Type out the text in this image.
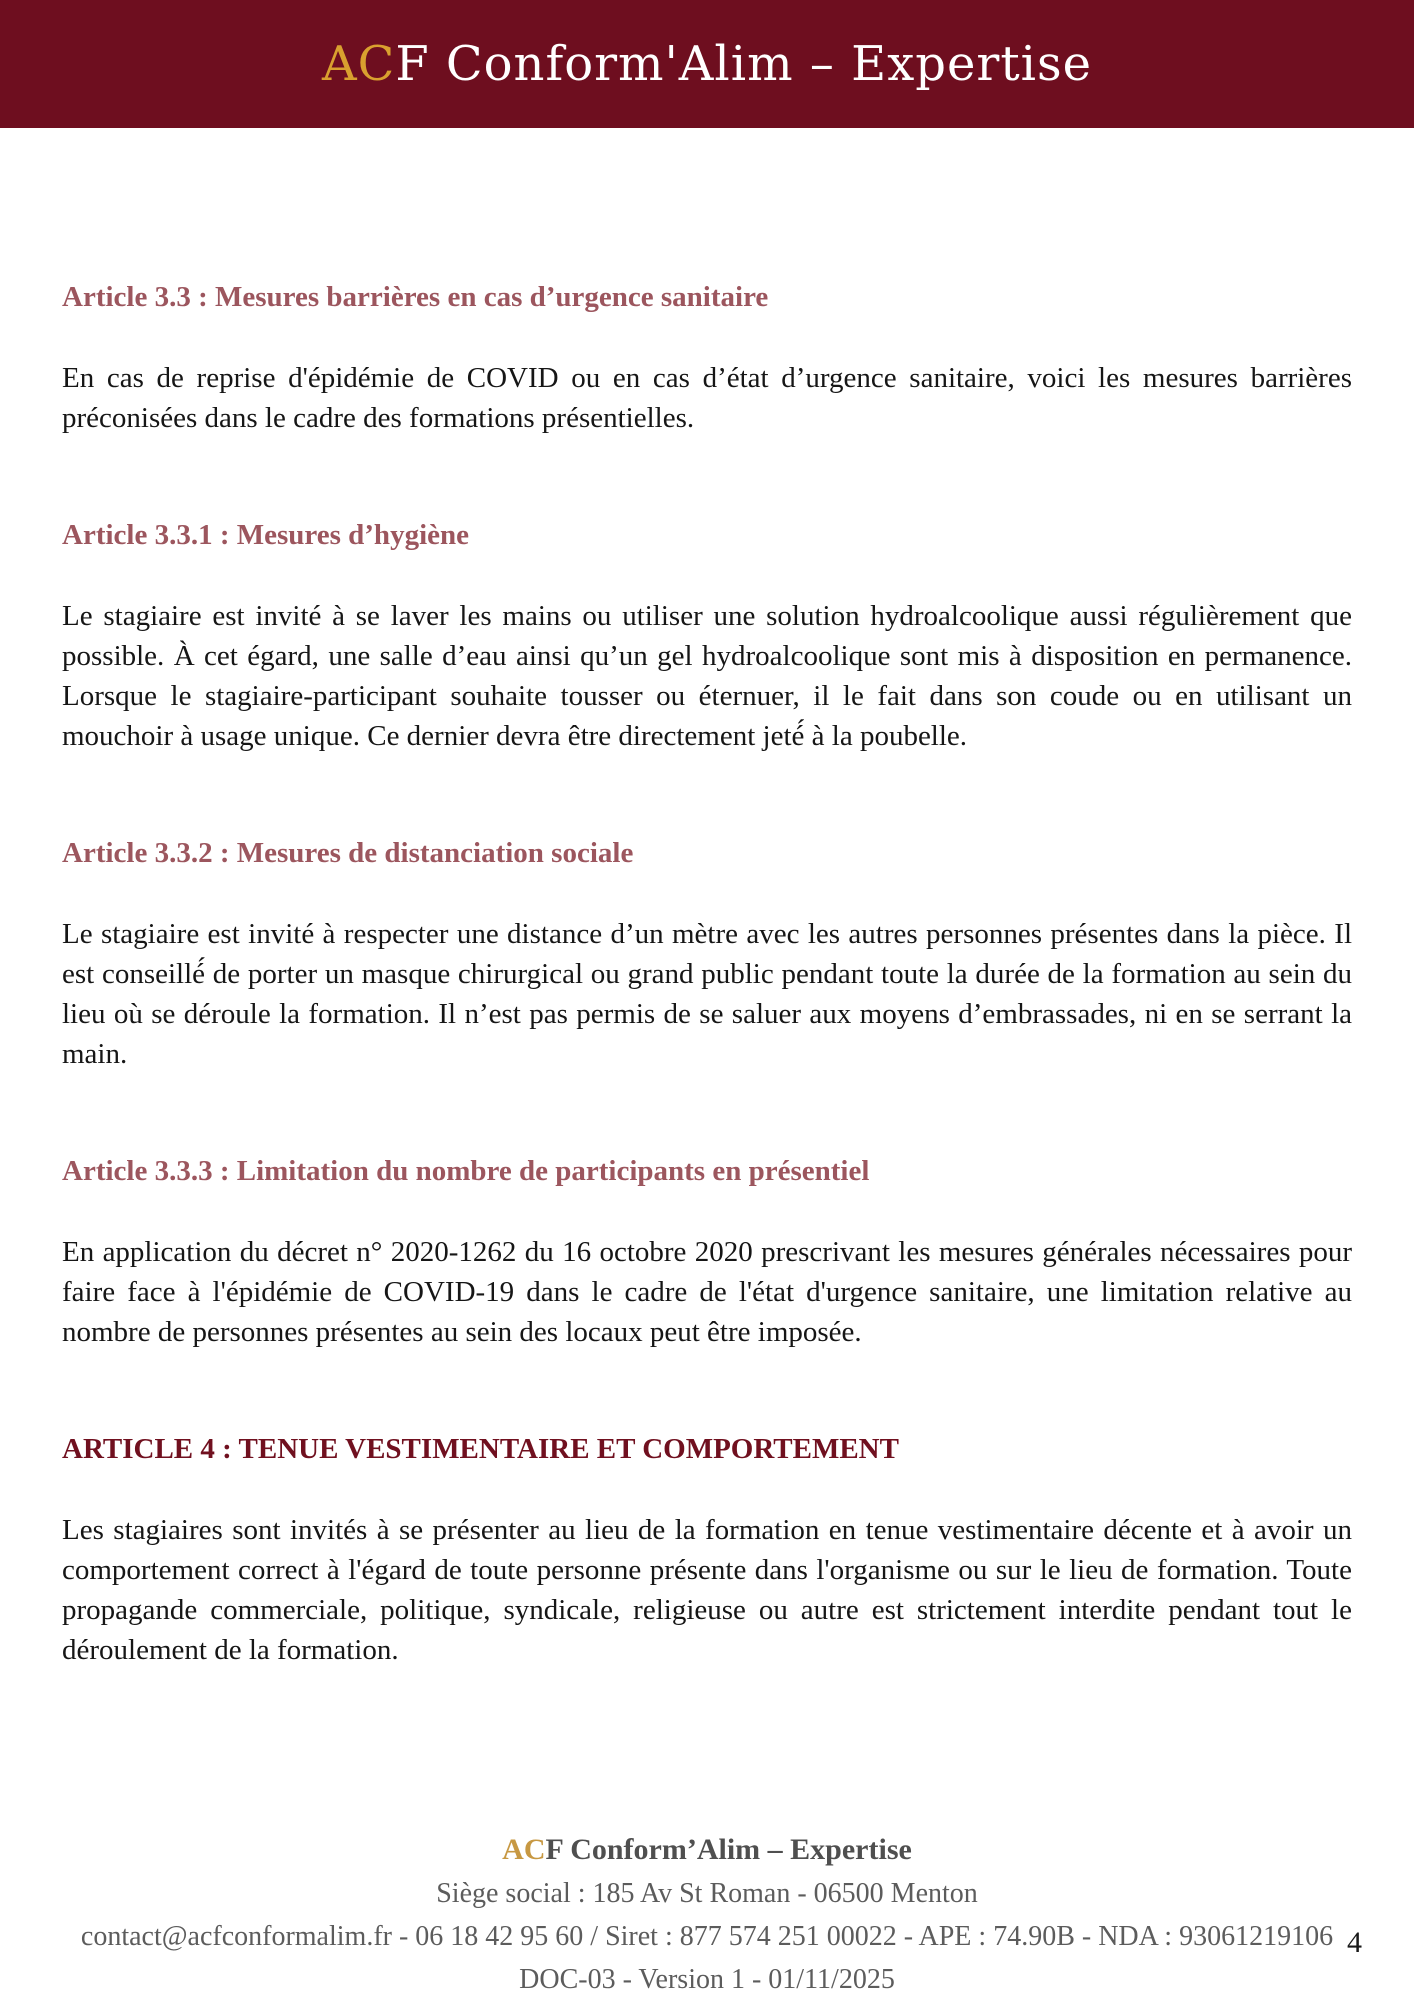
ACF Conform'Alim – Expertise
Article 3.3 : Mesures barrières en cas d’urgence sanitaire

En cas de reprise d'épidémie de COVID ou en cas d’état d’urgence sanitaire, voici les mesures barrières préconisées dans le cadre des formations présentielles.

Article 3.3.1 : Mesures d’hygiène

Le stagiaire est invité à se laver les mains ou utiliser une solution hydroalcoolique aussi régulièrement que possible. À cet égard, une salle d’eau ainsi qu’un gel hydroalcoolique sont mis à disposition en permanence. Lorsque le stagiaire-participant souhaite tousser ou éternuer, il le fait dans son coude ou en utilisant un mouchoir à usage unique. Ce dernier devra être directement jeté́ à la poubelle.

Article 3.3.2 : Mesures de distanciation sociale

Le stagiaire est invité à respecter une distance d’un mètre avec les autres personnes présentes dans la pièce. Il est conseillé́ de porter un masque chirurgical ou grand public pendant toute la durée de la formation au sein du lieu où se déroule la formation. Il n’est pas permis de se saluer aux moyens d’embrassades, ni en se serrant la main.

Article 3.3.3 : Limitation du nombre de participants en présentiel

En application du décret n° 2020-1262 du 16 octobre 2020 prescrivant les mesures générales nécessaires pour faire face à l'épidémie de COVID-19 dans le cadre de l'état d'urgence sanitaire, une limitation relative au nombre de personnes présentes au sein des locaux peut être imposée.

ARTICLE 4 : TENUE VESTIMENTAIRE ET COMPORTEMENT

Les stagiaires sont invités à se présenter au lieu de la formation en tenue vestimentaire décente et à avoir un comportement correct à l'égard de toute personne présente dans l'organisme ou sur le lieu de formation. Toute propagande commerciale, politique, syndicale, religieuse ou autre est strictement interdite pendant tout le déroulement de la formation.

ACF Conform’Alim – Expertise
Siège social : 185 Av St Roman - 06500 Menton
contact@acfconformalim.fr - 06 18 42 95 60 / Siret : 877 574 251 00022 - APE : 74.90B - NDA : 93061219106
DOC-03 - Version 1 - 01/11/2025
4
